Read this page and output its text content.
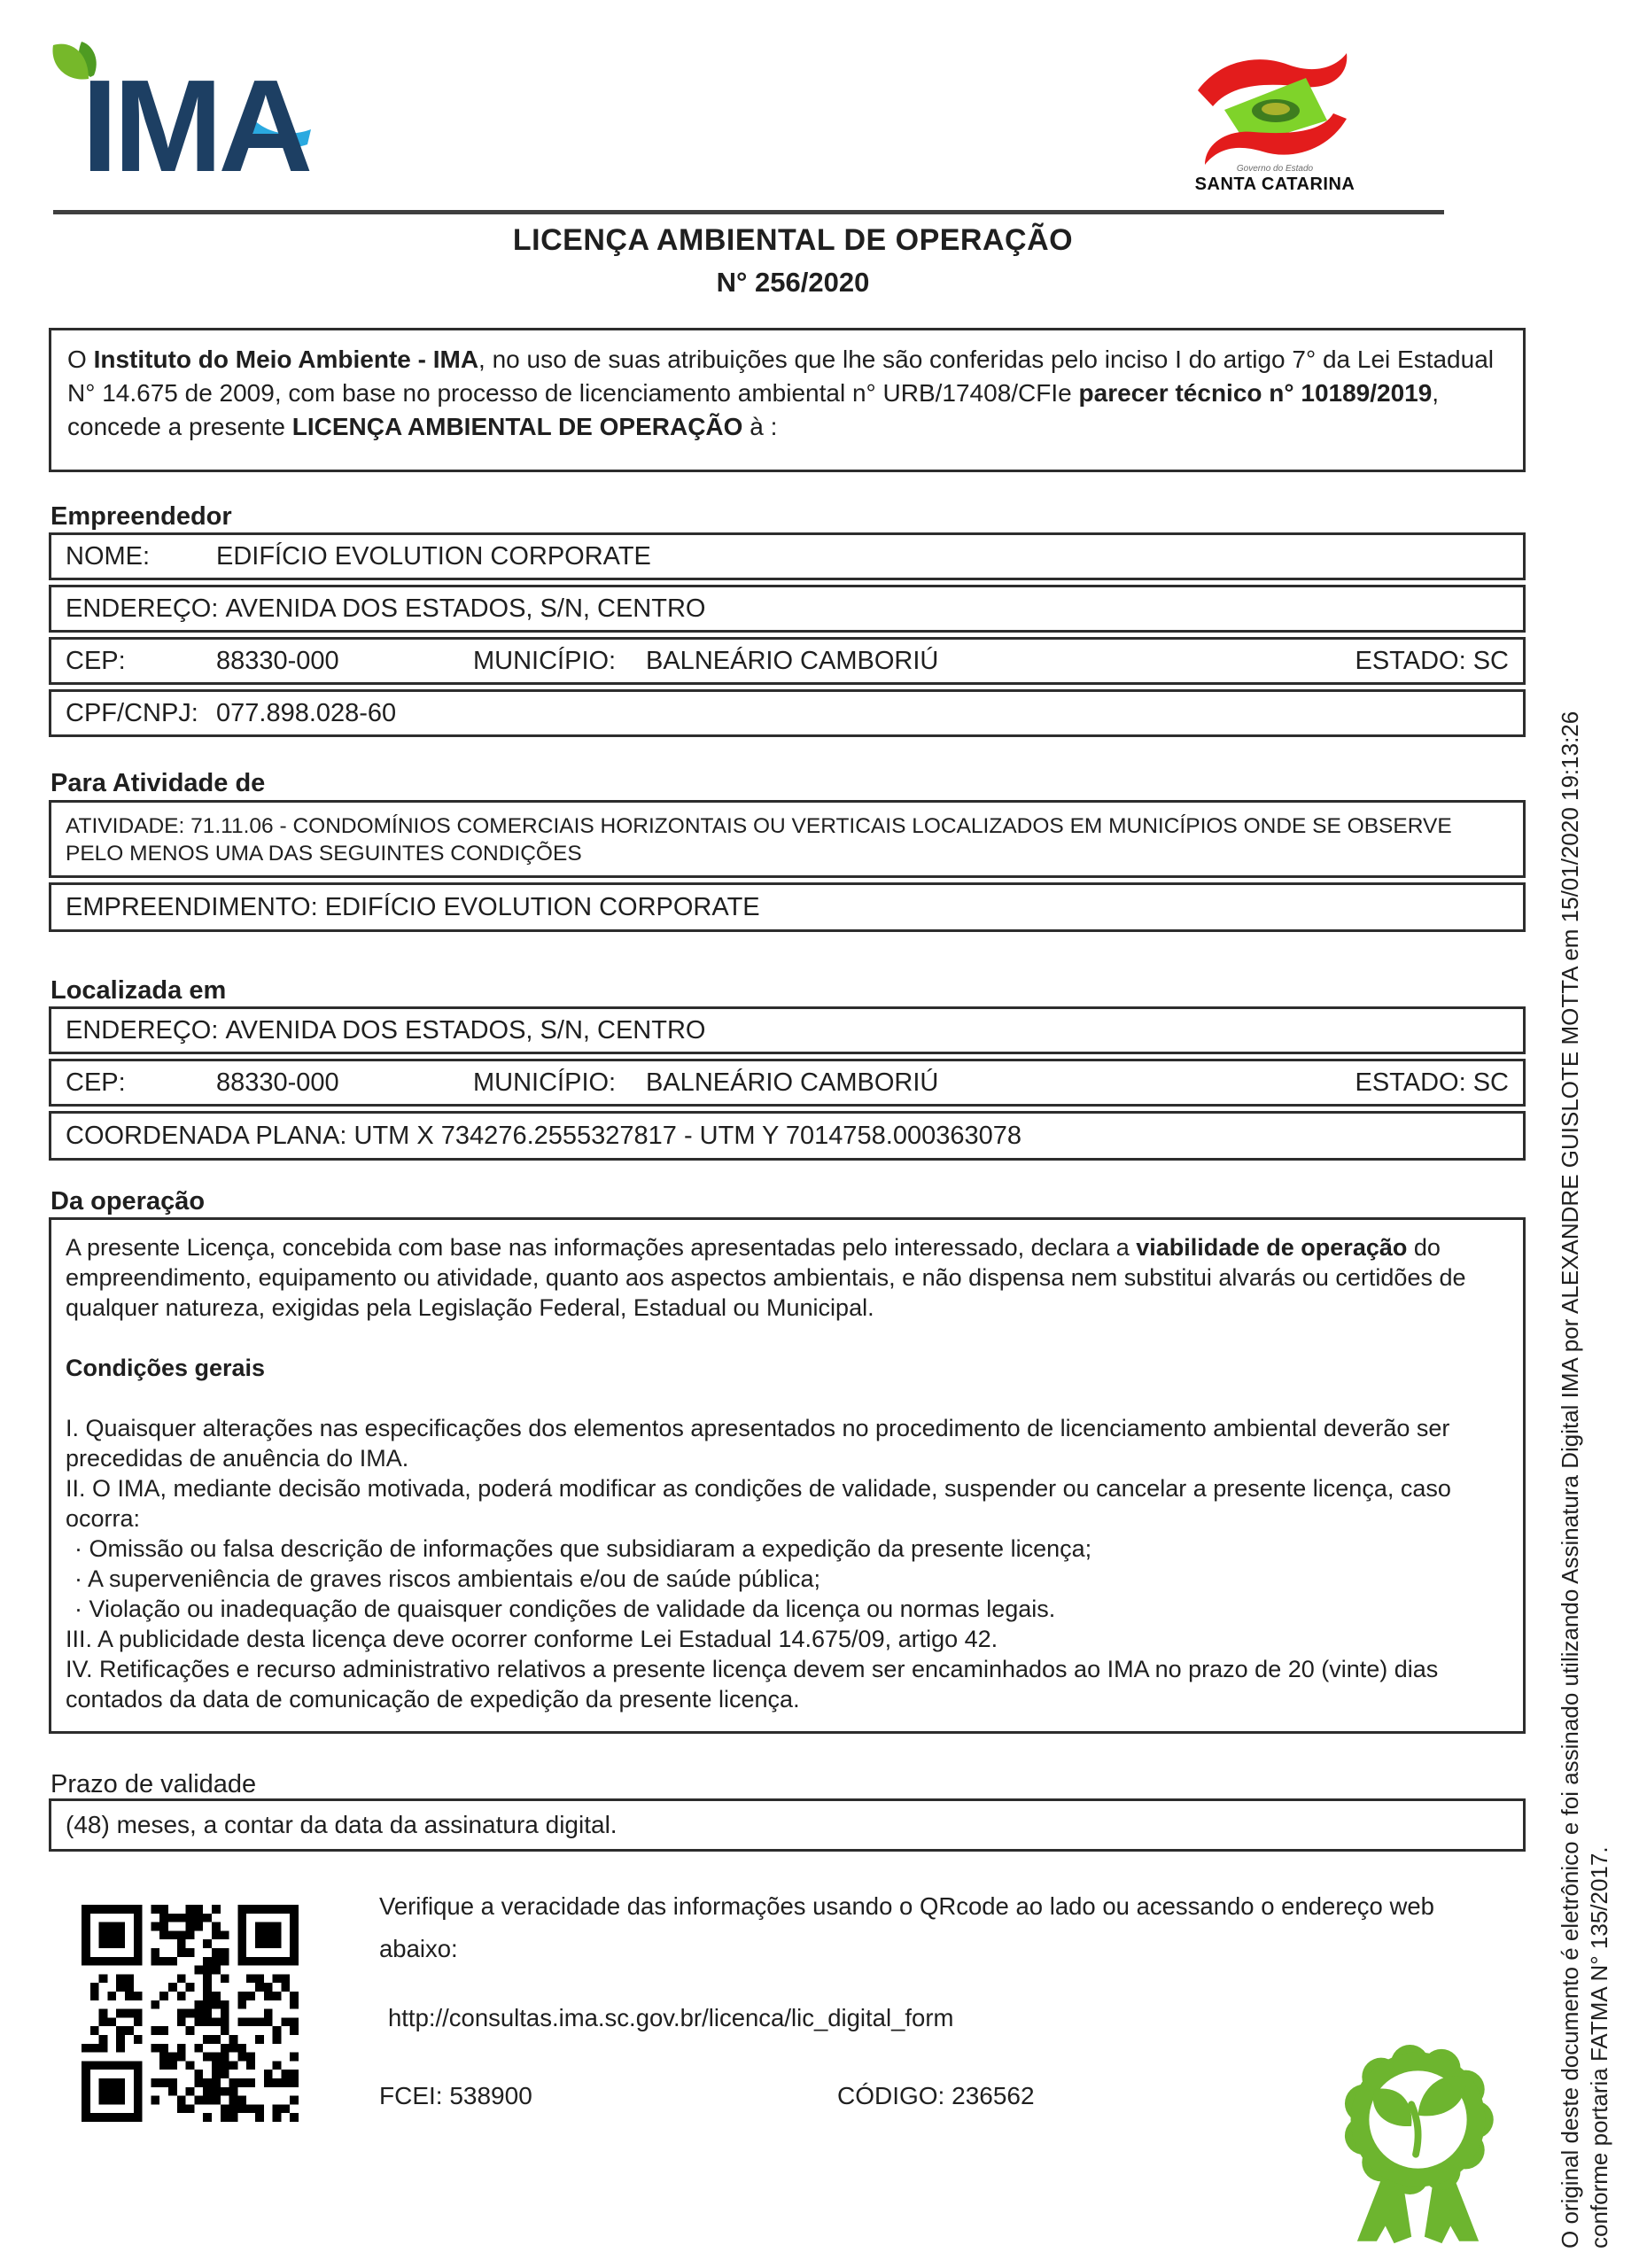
IMA	Governo do Estado
SANTA CATARINA
LICENÇA AMBIENTAL DE OPERAÇÃO
N° 256/2020
O Instituto do Meio Ambiente - IMA, no uso de suas atribuições que lhe são conferidas pelo inciso I do artigo 7° da Lei Estadual N° 14.675 de 2009, com base no processo de licenciamento ambiental n° URB/17408/CFIe parecer técnico n° 10189/2019, concede a presente LICENÇA AMBIENTAL DE OPERAÇÃO à :
Empreendedor
NOME:	EDIFÍCIO EVOLUTION CORPORATE
ENDEREÇO:
AVENIDA DOS ESTADOS, S/N, CENTRO
CEP:	88330-000	MUNICÍPIO:	BALNEÁRIO CAMBORIÚ	ESTADO: SC
CPF/CNPJ: 077.898.028-60
Para Atividade de
ATIVIDADE: 71.11.06 - CONDOMÍNIOS COMERCIAIS HORIZONTAIS OU VERTICAIS LOCALIZADOS EM MUNICÍPIOS ONDE SE OBSERVE PELO MENOS UMA DAS SEGUINTES CONDIÇÕES
EMPREENDIMENTO: EDIFÍCIO EVOLUTION CORPORATE
Localizada em
ENDEREÇO:
AVENIDA DOS ESTADOS, S/N, CENTRO
CEP:	88330-000	MUNICÍPIO:	BALNEÁRIO CAMBORIÚ	ESTADO: SC
COORDENADA PLANA: UTM X 734276.2555327817 - UTM Y 7014758.000363078
Da operação
A presente Licença, concebida com base nas informações apresentadas pelo interessado, declara a viabilidade de operação do empreendimento, equipamento ou atividade, quanto aos aspectos ambientais, e não dispensa nem substitui alvarás ou certidões de qualquer natureza, exigidas pela Legislação Federal, Estadual ou Municipal.
Condições gerais
I. Quaisquer alterações nas especificações dos elementos apresentados no procedimento de licenciamento ambiental deverão ser precedidas de anuência do IMA.
II. O IMA, mediante decisão motivada, poderá modificar as condições de validade, suspender ou cancelar a presente licença, caso ocorra:
· Omissão ou falsa descrição de informações que subsidiaram a expedição da presente licença;
· A superveniência de graves riscos ambientais e/ou de saúde pública;
· Violação ou inadequação de quaisquer condições de validade da licença ou normas legais.
III. A publicidade desta licença deve ocorrer conforme Lei Estadual 14.675/09, artigo 42.
IV. Retificações e recurso administrativo relativos a presente licença devem ser encaminhados ao IMA no prazo de 20 (vinte) dias contados da data de comunicação de expedição da presente licença.
Prazo de validade
(48) meses, a contar da data da assinatura digital.
Verifique a veracidade das informações usando o QRcode ao lado ou acessando o endereço web abaixo:
http://consultas.ima.sc.gov.br/licenca/lic_digital_form
FCEI: 538900	CÓDIGO: 236562	O original deste documento é eletrônico e foi assinado utilizando Assinatura Digital IMA por ALEXANDRE GUISLOTE MOTTA em 15/01/2020 19:13:26 conforme portaria FATMA N° 135/2017.
